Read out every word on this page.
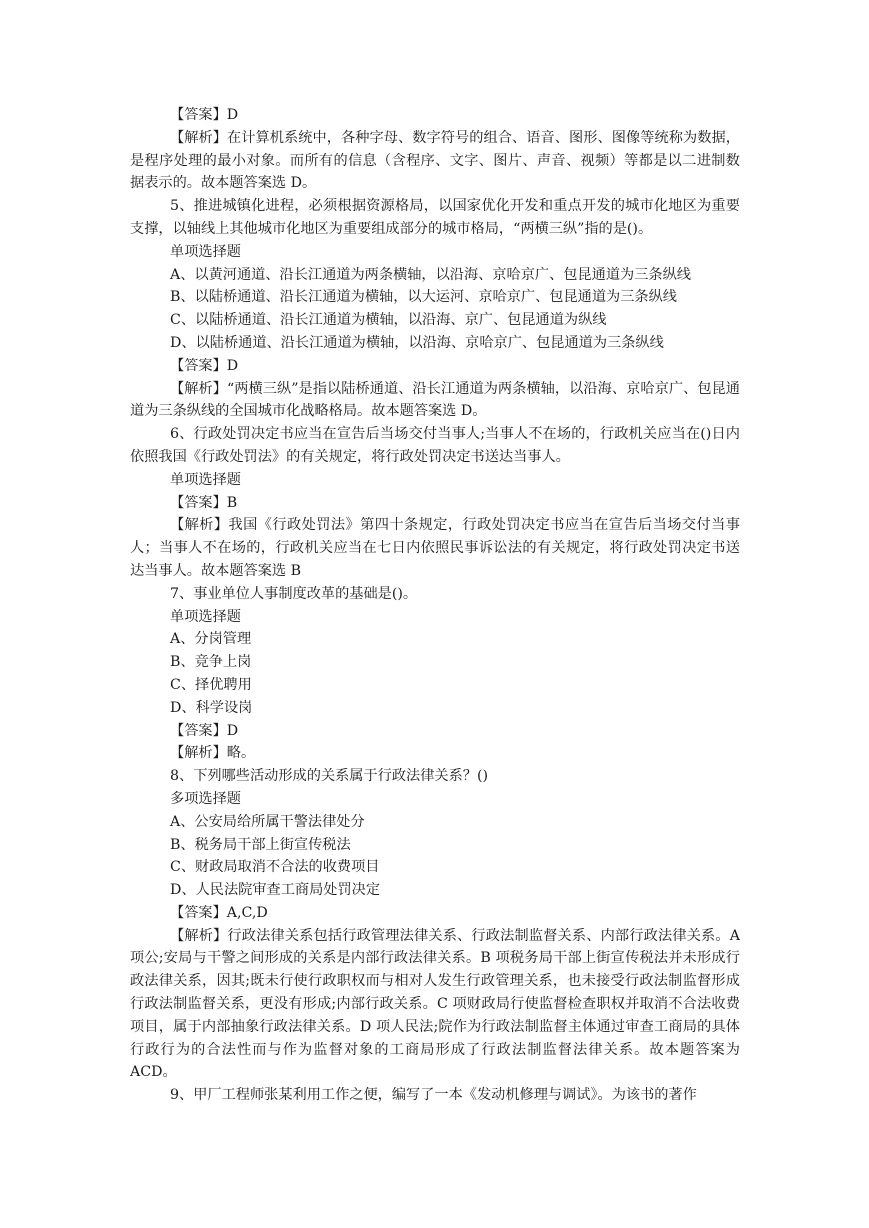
【答案】D

【解析】在计算机系统中，各种字母、数字符号的组合、语音、图形、图像等统称为数据，是程序处理的最小对象。而所有的信息（含程序、文字、图片、声音、视频）等都是以二进制数据表示的。故本题答案选 D。

5、推进城镇化进程，必须根据资源格局，以国家优化开发和重点开发的城市化地区为重要支撑，以轴线上其他城市化地区为重要组成部分的城市格局，“两横三纵”指的是()。

单项选择题

A、以黄河通道、沿长江通道为两条横轴，以沿海、京哈京广、包昆通道为三条纵线

B、以陆桥通道、沿长江通道为横轴，以大运河、京哈京广、包昆通道为三条纵线

C、以陆桥通道、沿长江通道为横轴，以沿海、京广、包昆通道为纵线

D、以陆桥通道、沿长江通道为横轴，以沿海、京哈京广、包昆通道为三条纵线

【答案】D

【解析】“两横三纵”是指以陆桥通道、沿长江通道为两条横轴，以沿海、京哈京广、包昆通道为三条纵线的全国城市化战略格局。故本题答案选 D。

6、行政处罚决定书应当在宣告后当场交付当事人;当事人不在场的，行政机关应当在()日内依照我国《行政处罚法》的有关规定，将行政处罚决定书送达当事人。

单项选择题

【答案】B

【解析】我国《行政处罚法》第四十条规定，行政处罚决定书应当在宣告后当场交付当事人；当事人不在场的，行政机关应当在七日内依照民事诉讼法的有关规定，将行政处罚决定书送达当事人。故本题答案选 B

7、事业单位人事制度改革的基础是()。

单项选择题

A、分岗管理

B、竞争上岗

C、择优聘用

D、科学设岗

【答案】D

【解析】略。

8、下列哪些活动形成的关系属于行政法律关系？()

多项选择题

A、公安局给所属干警法律处分

B、税务局干部上街宣传税法

C、财政局取消不合法的收费项目

D、人民法院审查工商局处罚决定

【答案】A,C,D

【解析】行政法律关系包括行政管理法律关系、行政法制监督关系、内部行政法律关系。A 项公;安局与干警之间形成的关系是内部行政法律关系。B 项税务局干部上街宣传税法并未形成行政法律关系，因其;既未行使行政职权而与相对人发生行政管理关系，也未接受行政法制监督形成行政法制监督关系，更没有形成;内部行政关系。C 项财政局行使监督检查职权并取消不合法收费项目，属于内部抽象行政法律关系。D 项人民法;院作为行政法制监督主体通过审查工商局的具体行政行为的合法性而与作为监督对象的工商局形成了行政法制监督法律关系。故本题答案为 ACD。

9、甲厂工程师张某利用工作之便，编写了一本《发动机修理与调试》。为该书的著作
